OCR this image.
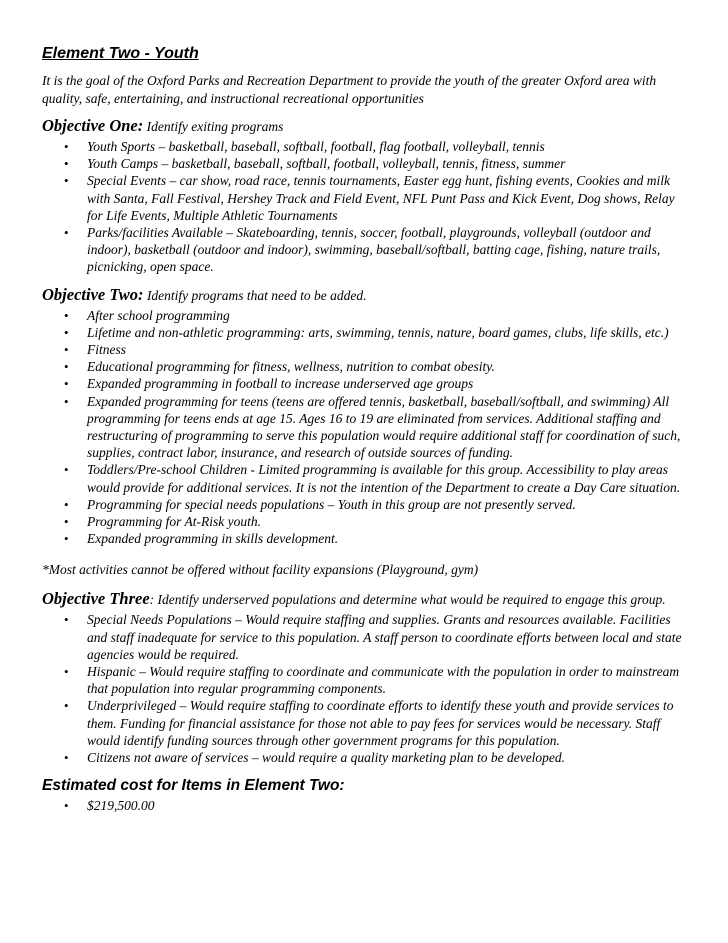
Element Two - Youth
It is the goal of the Oxford Parks and Recreation Department to provide the youth of the greater Oxford area with quality, safe, entertaining, and instructional recreational opportunities
Objective One: Identify exiting programs
• Youth Sports – basketball, baseball, softball, football, flag football, volleyball, tennis
• Youth Camps – basketball, baseball, softball, football, volleyball, tennis, fitness, summer
• Special Events – car show, road race, tennis tournaments, Easter egg hunt, fishing events, Cookies and milk with Santa, Fall Festival, Hershey Track and Field Event, NFL Punt Pass and Kick Event, Dog shows, Relay for Life Events, Multiple Athletic Tournaments
• Parks/facilities Available – Skateboarding, tennis, soccer, football, playgrounds, volleyball (outdoor and indoor), basketball (outdoor and indoor), swimming, baseball/softball, batting cage, fishing, nature trails, picnicking, open space.
Objective Two: Identify programs that need to be added.
• After school programming
• Lifetime and non-athletic programming: arts, swimming, tennis, nature, board games, clubs, life skills, etc.)
• Fitness
• Educational programming for fitness, wellness, nutrition to combat obesity.
• Expanded programming in football to increase underserved age groups
• Expanded programming for teens (teens are offered tennis, basketball, baseball/softball, and swimming) All programming for teens ends at age 15. Ages 16 to 19 are eliminated from services. Additional staffing and restructuring of programming to serve this population would require additional staff for coordination of such, supplies, contract labor, insurance, and research of outside sources of funding.
• Toddlers/Pre-school Children - Limited programming is available for this group. Accessibility to play areas would provide for additional services. It is not the intention of the Department to create a Day Care situation.
• Programming for special needs populations – Youth in this group are not presently served.
• Programming for At-Risk youth.
• Expanded programming in skills development.
*Most activities cannot be offered without facility expansions (Playground, gym)
Objective Three: Identify underserved populations and determine what would be required to engage this group.
• Special Needs Populations – Would require staffing and supplies. Grants and resources available. Facilities and staff inadequate for service to this population. A staff person to coordinate efforts between local and state agencies would be required.
• Hispanic – Would require staffing to coordinate and communicate with the population in order to mainstream that population into regular programming components.
• Underprivileged – Would require staffing to coordinate efforts to identify these youth and provide services to them. Funding for financial assistance for those not able to pay fees for services would be necessary. Staff would identify funding sources through other government programs for this population.
• Citizens not aware of services – would require a quality marketing plan to be developed.
Estimated cost for Items in Element Two:
• $219,500.00
